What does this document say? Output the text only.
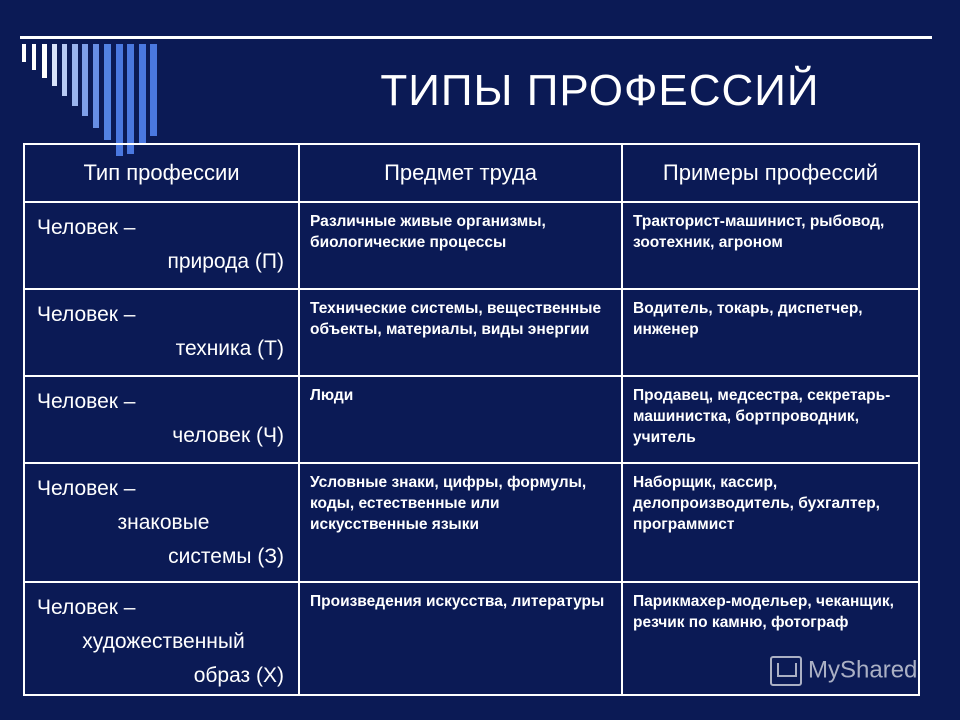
ТИПЫ ПРОФЕССИЙ
Тип профессии	Предмет труда	Примеры профессий

Человек –
природа (П)	Различные живые организмы, биологические процессы	Тракторист-машинист, рыбовод, зоотехник, агроном

Человек –
техника (Т)	Технические системы, вещественные объекты, материалы, виды энергии	Водитель, токарь, диспетчер, инженер

Человек –
человек (Ч)	Люди	Продавец, медсестра, секретарь-машинистка, бортпроводник, учитель

Человек –
знаковые
системы (З)	Условные знаки, цифры, формулы, коды, естественные или искусственные языки	Наборщик, кассир, делопроизводитель, бухгалтер, программист

Человек –
художественный
образ (Х)	Произведения искусства, литературы	Парикмахер-модельер, чеканщик, резчик по камню, фотограф
MyShared
